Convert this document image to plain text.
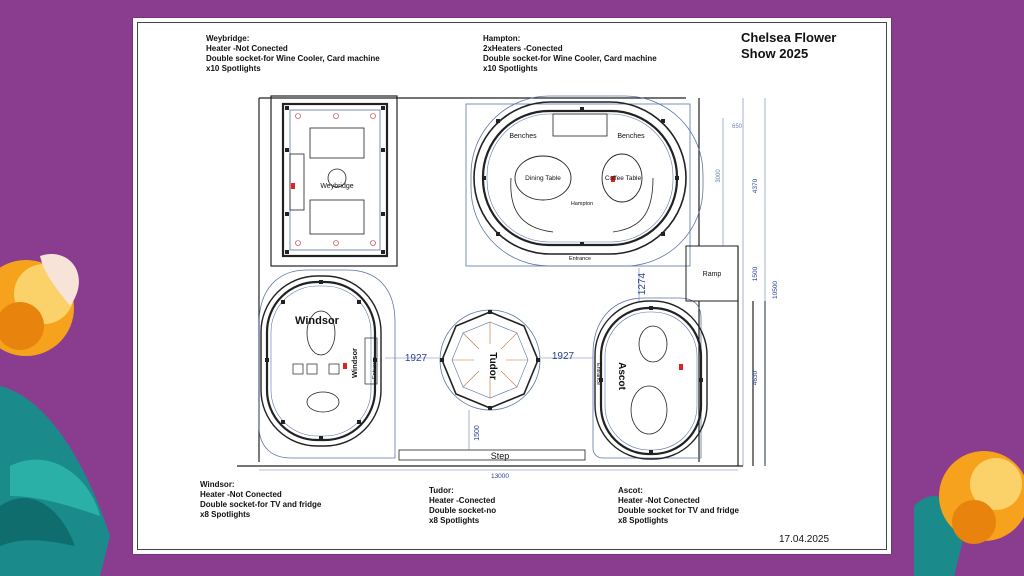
Chelsea Flower
Show 2025
Weybridge:
Heater -Not Conected
Double socket-for Wine Cooler, Card machine
x10 Spotlights
Hampton:
2xHeaters -Conected
Double socket-for Wine Cooler, Card machine
x10 Spotlights
Windsor:
Heater -Not Conected
Double socket-for TV and fridge
x8 Spotlights
Tudor:
Heater -Conected
Double socket-no
x8 Spotlights
Ascot:
Heater -Not Conected
Double socket for TV and fridge
x8 Spotlights
17.04.2025
Weybridge
Benches	Benches
Dining Table	Coffee Table
Hampton
Entrance
Windsor
Windsor Entrance	Tudor	Ascot
Entrance
Ramp
Step
1927	1927
1274
1500
13000
650
3000
4370
1500
10500
4630
